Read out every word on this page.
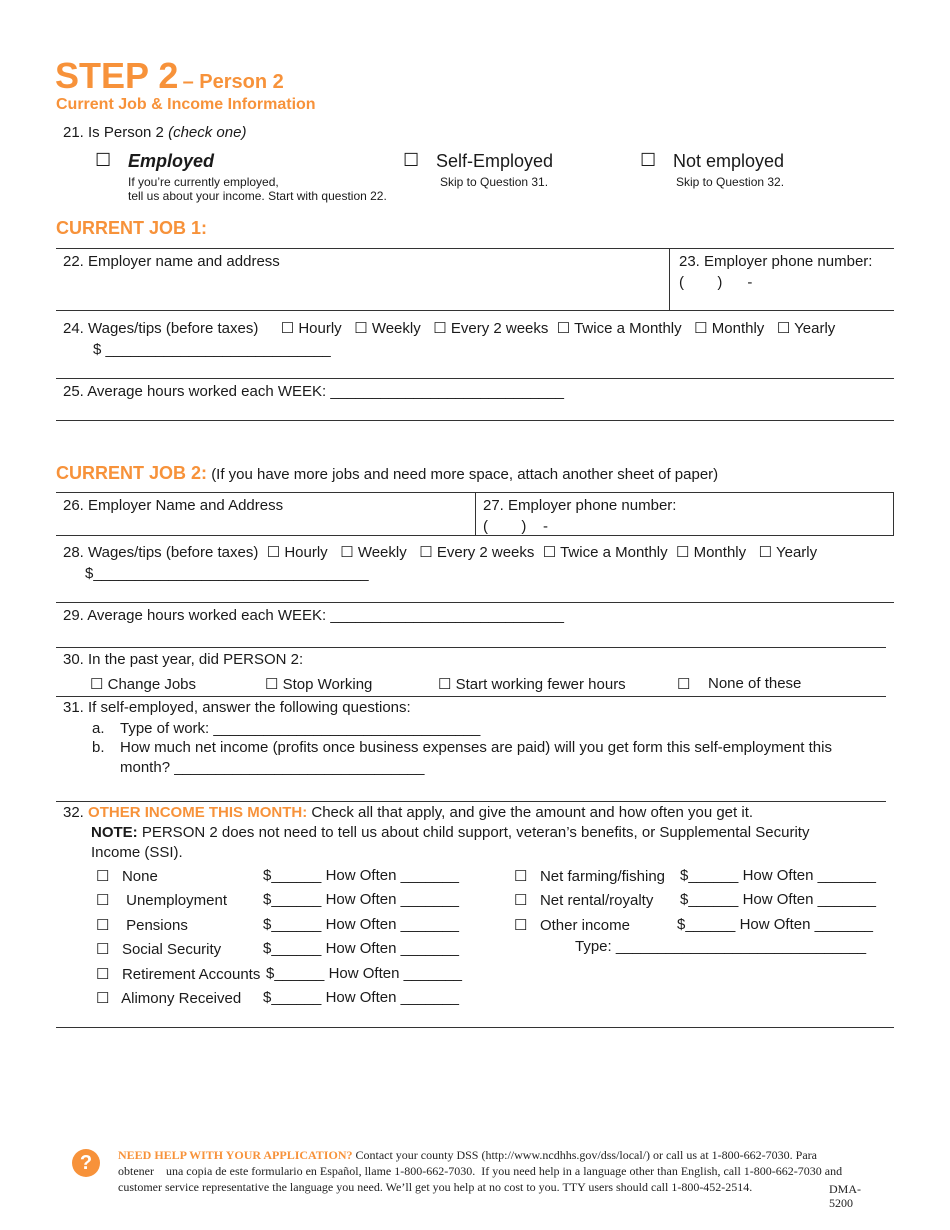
STEP 2 – Person 2
Current Job & Income Information
21. Is Person 2 (check one)
☐ Employed
If you’re currently employed,
tell us about your income. Start with question 22.
☐ Self-Employed
Skip to Question 31.
☐ Not employed
Skip to Question 32.
CURRENT JOB 1:
22. Employer name and address	23. Employer phone number:
(        )      -
24. Wages/tips (before taxes) ☐ Hourly ☐ Weekly ☐ Every 2 weeks ☐ Twice a Monthly ☐ Monthly ☐ Yearly
$ ___________________________
25. Average hours worked each WEEK: ____________________________
CURRENT JOB 2: (If you have more jobs and need more space, attach another sheet of paper)
26. Employer Name and Address	27. Employer phone number:
(        )    -
28. Wages/tips (before taxes) ☐ Hourly ☐ Weekly ☐ Every 2 weeks ☐ Twice a Monthly ☐ Monthly ☐ Yearly
$_________________________________
29. Average hours worked each WEEK: ____________________________
30. In the past year, did PERSON 2:
☐ Change Jobs	☐ Stop Working	☐ Start working fewer hours	☐ None of these
31. If self-employed, answer the following questions:
a. Type of work: ________________________________
b. How much net income (profits once business expenses are paid) will you get form this self-employment this
month? ______________________________
32. OTHER INCOME THIS MONTH: Check all that apply, and give the amount and how often you get it.
NOTE: PERSON 2 does not need to tell us about child support, veteran’s benefits, or Supplemental Security
Income (SSI).
☐   None	$______ How Often _______
☐    Unemployment $______ How Often _______
☐    Pensions	$______ How Often _______
☐   Social Security	$______ How Often _______
☐   Retirement Accounts $______ How Often _______
☐   Alimony Received $______ How Often _______
☐   Net farming/fishing $______ How Often _______
☐   Net rental/royalty $______ How Often _______
☐   Other income	$______ How Often _______
Type: ______________________________
?	NEED HELP WITH YOUR APPLICATION? Contact your county DSS (http://www.ncdhhs.gov/dss/local/) or call us at 1-800-662-7030. Para
obtener    una copia de este formulario en Español, llame 1-800-662-7030.  If you need help in a language other than English, call 1-800-662-7030 and
customer service representative the language you need. We’ll get you help at no cost to you. TTY users should call 1-800-452-2514.	DMA-
5200
